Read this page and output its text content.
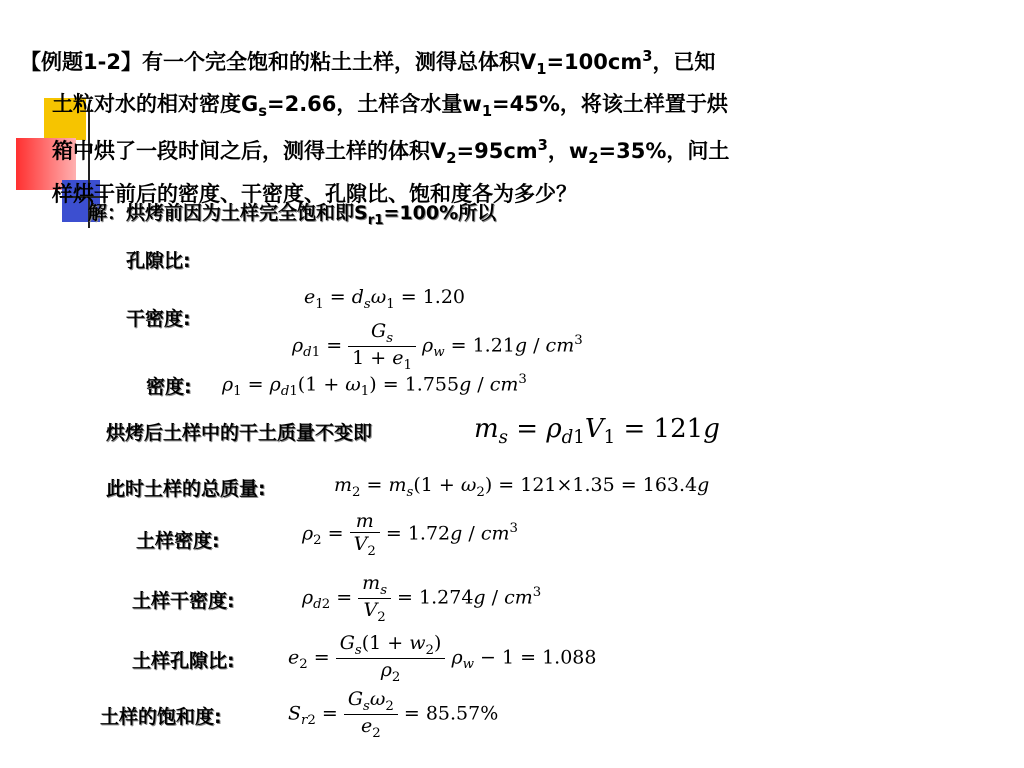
【例题1-2】有一个完全饱和的粘土土样，测得总体积$V_1=100cm^3$，已知
土粒对水的相对密度$G_s=2.66$，土样含水量$w_1=45\%$，将该土样置于烘
箱中烘了一段时间之后，测得土样的体积$V_2=95cm^3$，$w_2=35\%$，问土
样烘干前后的密度、干密度、孔隙比、饱和度各为多少？
解：烘烤前因为土样完全饱和即$S_{r1}=100\%$所以
孔隙比:
$e_1 = d_s\omega_1 = 1.20$
干密度:
$\rho_{d1} = \frac{G_s}{1 + e_1} \rho_w = 1.21g / cm^3$
密度: $\rho_1 = \rho_{d1}(1 + \omega_1) = 1.755g / cm^3$
烘烤后土样中的干土质量不变即	$m_s = \rho_{d1}V_1 = 121g$
此时土样的总质量:	$m_2 = m_s(1 + \omega_2) = 121\times 1.35 = 163.4g$
土样密度:	$\rho_2 = \frac{m}{V_2} = 1.72g / cm^3$
土样干密度:	$\rho_{d2} = \frac{m_s}{V_2} = 1.274g / cm^3$
土样孔隙比:	$e_2 = \frac{G_s(1 + w_2)}{\rho_2} \rho_w - 1 = 1.088$
土样的饱和度:	$S_{r2} = \frac{G_s\omega_2}{e_2} = 85.57\%$
